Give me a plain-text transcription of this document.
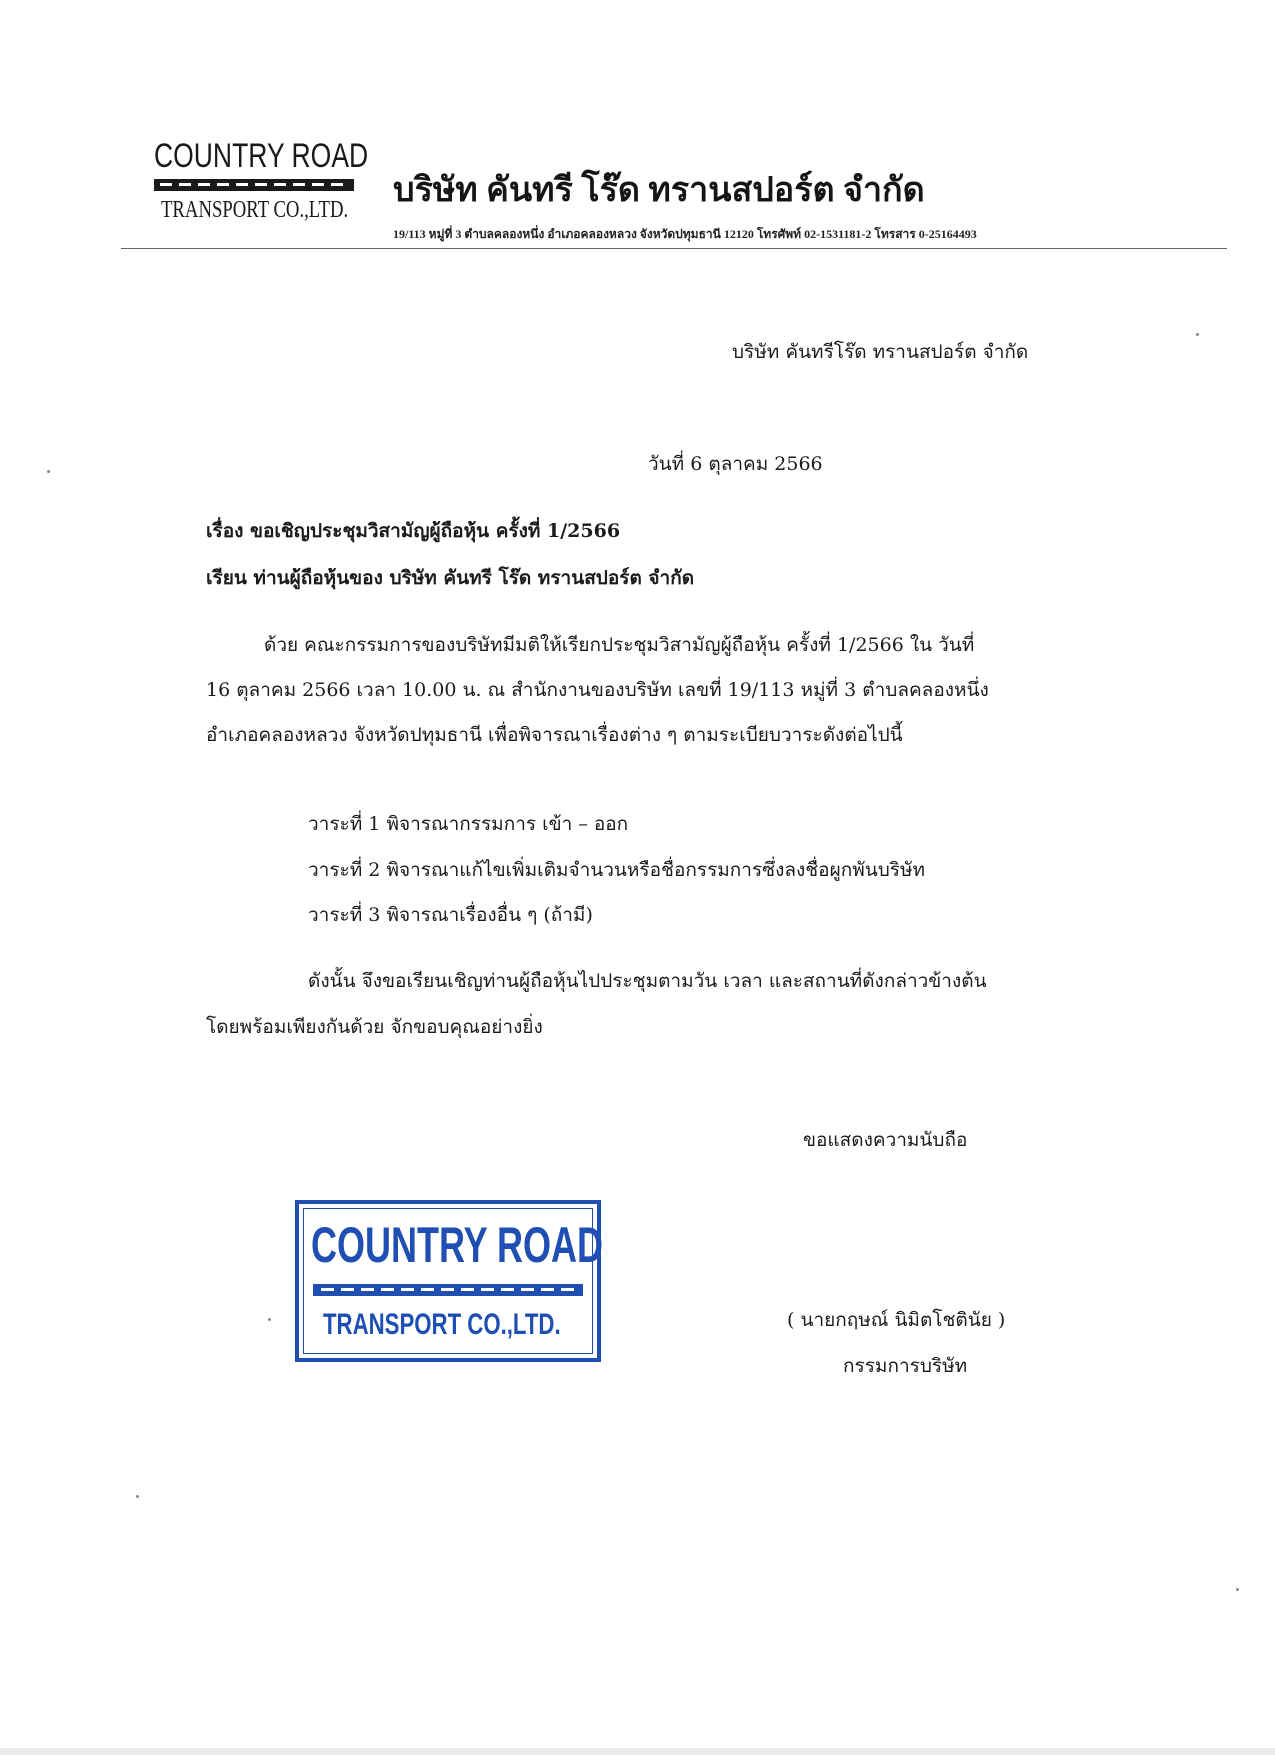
COUNTRY ROAD
TRANSPORT CO.,LTD.
บริษัท คันทรี โร๊ด ทรานสปอร์ต จำกัด
19/113 หมู่ที่ 3 ตำบลคลองหนึ่ง อำเภอคลองหลวง จังหวัดปทุมธานี 12120 โทรศัพท์ 02-1531181-2 โทรสาร 0-25164493
บริษัท คันทรีโร๊ด ทรานสปอร์ต จำกัด
วันที่ 6 ตุลาคม 2566
เรื่อง ขอเชิญประชุมวิสามัญผู้ถือหุ้น ครั้งที่ 1/2566
เรียน ท่านผู้ถือหุ้นของ บริษัท คันทรี โร๊ด ทรานสปอร์ต จำกัด
ด้วย คณะกรรมการของบริษัทมีมติให้เรียกประชุมวิสามัญผู้ถือหุ้น ครั้งที่ 1/2566 ใน วันที่
16 ตุลาคม 2566 เวลา 10.00 น. ณ สำนักงานของบริษัท เลขที่ 19/113 หมู่ที่ 3 ตำบลคลองหนึ่ง
อำเภอคลองหลวง จังหวัดปทุมธานี เพื่อพิจารณาเรื่องต่าง ๆ ตามระเบียบวาระดังต่อไปนี้
วาระที่ 1 พิจารณากรรมการ เข้า – ออก
วาระที่ 2 พิจารณาแก้ไขเพิ่มเติมจำนวนหรือชื่อกรรมการซึ่งลงชื่อผูกพันบริษัท
วาระที่ 3 พิจารณาเรื่องอื่น ๆ (ถ้ามี)
ดังนั้น จึงขอเรียนเชิญท่านผู้ถือหุ้นไปประชุมตามวัน เวลา และสถานที่ดังกล่าวข้างต้น
โดยพร้อมเพียงกันด้วย จักขอบคุณอย่างยิ่ง
ขอแสดงความนับถือ
COUNTRY ROAD
TRANSPORT CO.,LTD.	( นายกฤษณ์ นิมิตโชตินัย )
กรรมการบริษัท
